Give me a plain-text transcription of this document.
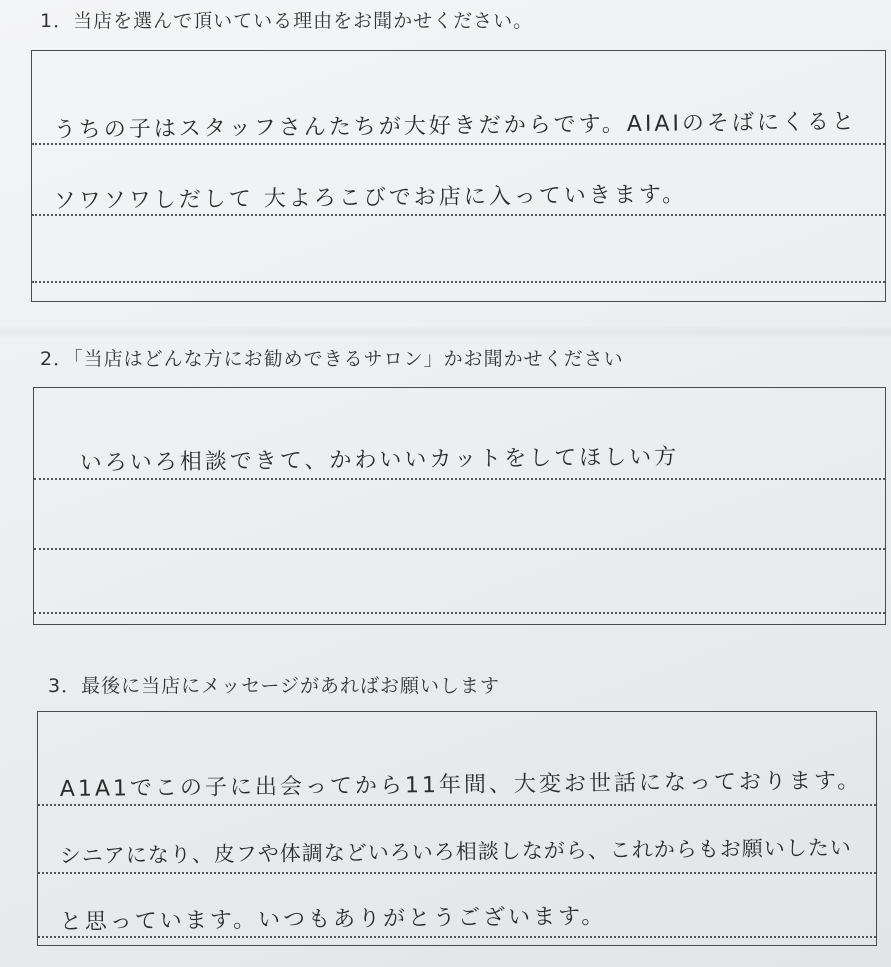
1．当店を選んで頂いている理由をお聞かせください。
うちの子はスタッフさんたちが大好きだからです。AIAIのそばにくると
ソワソワしだして 大よろこびでお店に入っていきます。
2．「当店はどんな方にお勧めできるサロン」かお聞かせください
いろいろ相談できて、かわいいカットをしてほしい方
3．最後に当店にメッセージがあればお願いします
A1A1でこの子に出会ってから11年間、大変お世話になっております。
シニアになり、皮フや体調などいろいろ相談しながら、これからもお願いしたい
と思っています。いつもありがとうございます。
